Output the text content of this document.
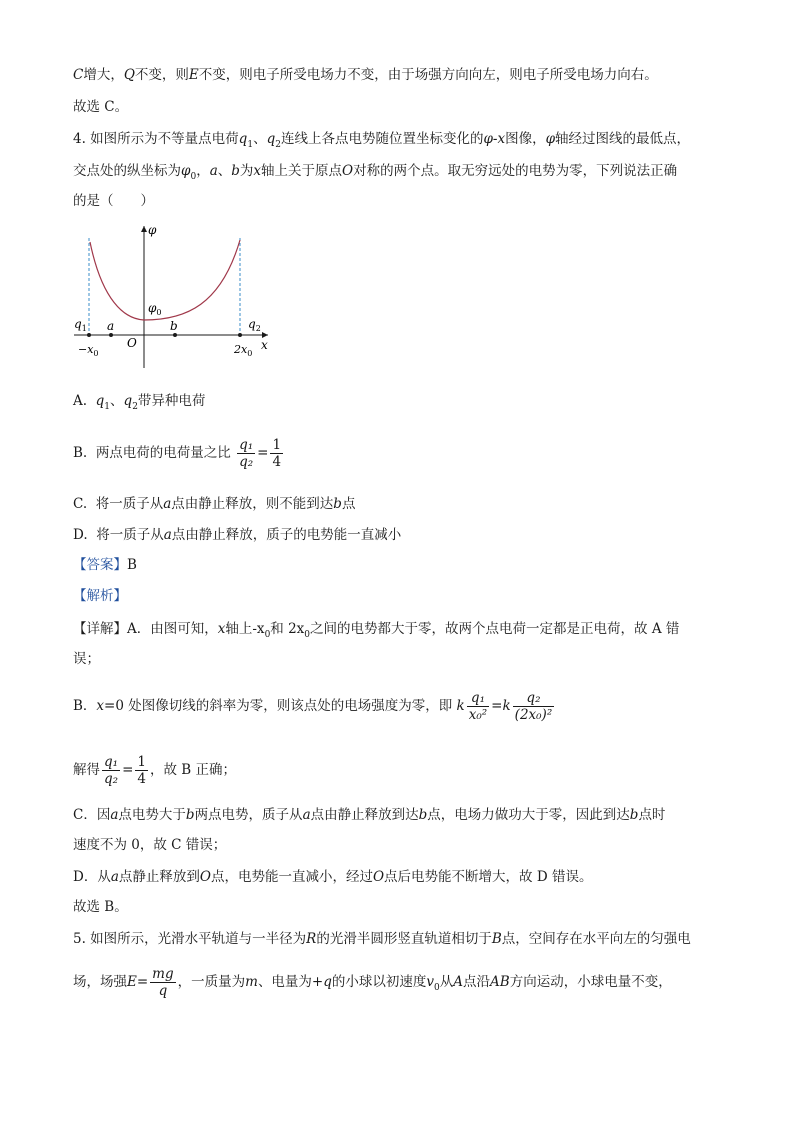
C增大，Q不变，则E不变，则电子所受电场力不变，由于场强方向向左，则电子所受电场力向右。
故选 C。
4. 如图所示为不等量点电荷$q_1$、$q_2$连线上各点电势随位置坐标变化的φ-x图像，φ轴经过图线的最低点，
交点处的纵坐标为$\varphi_0$，a、b为x轴上关于原点O对称的两个点。取无穷远处的电势为零，下列说法正确
的是（　　）
φ
$\varphi_0$
$q_1$	$q_2$
a	b
O	x
$-x_0$	$2x_0$
A. $q_1$、$q_2$带异种电荷
B. 两点电荷的电荷量之比 $\frac{\text{q₁}}{\text{q₂}} = \frac{1}{4}$
C. 将一质子从a点由静止释放，则不能到达b点
D. 将一质子从a点由静止释放，质子的电势能一直减小
【答案】B
【解析】
【详解】A．由图可知，x轴上$-x_0$和 $2x_0$之间的电势都大于零，故两个点电荷一定都是正电荷，故 A 错
误；
B．x=0 处图像切线的斜率为零，则该点处的电场强度为零，即 k $\frac{\text{q₁}}{\text{x₀²}} =k \frac{\text{q₂}}{\text{(2x₀)²}}$
解得 $\frac{\text{q₁}}{\text{q₂}} = \frac{1}{4}$ ，故 B 正确；
C．因a点电势大于b两点电势，质子从a点由静止释放到达b点，电场力做功大于零，因此到达b点时
速度不为 0，故 C 错误；
D．从a点静止释放到O点，电势能一直减小，经过O点后电势能不断增大，故 D 错误。
故选 B。
5. 如图所示，光滑水平轨道与一半径为R的光滑半圆形竖直轨道相切于B点，空间存在水平向左的匀强电
场，场强$E= \frac{mg}{q}$ ，一质量为m、电量为+q的小球以初速度$v_0$从A点沿AB方向运动，小球电量不变，
